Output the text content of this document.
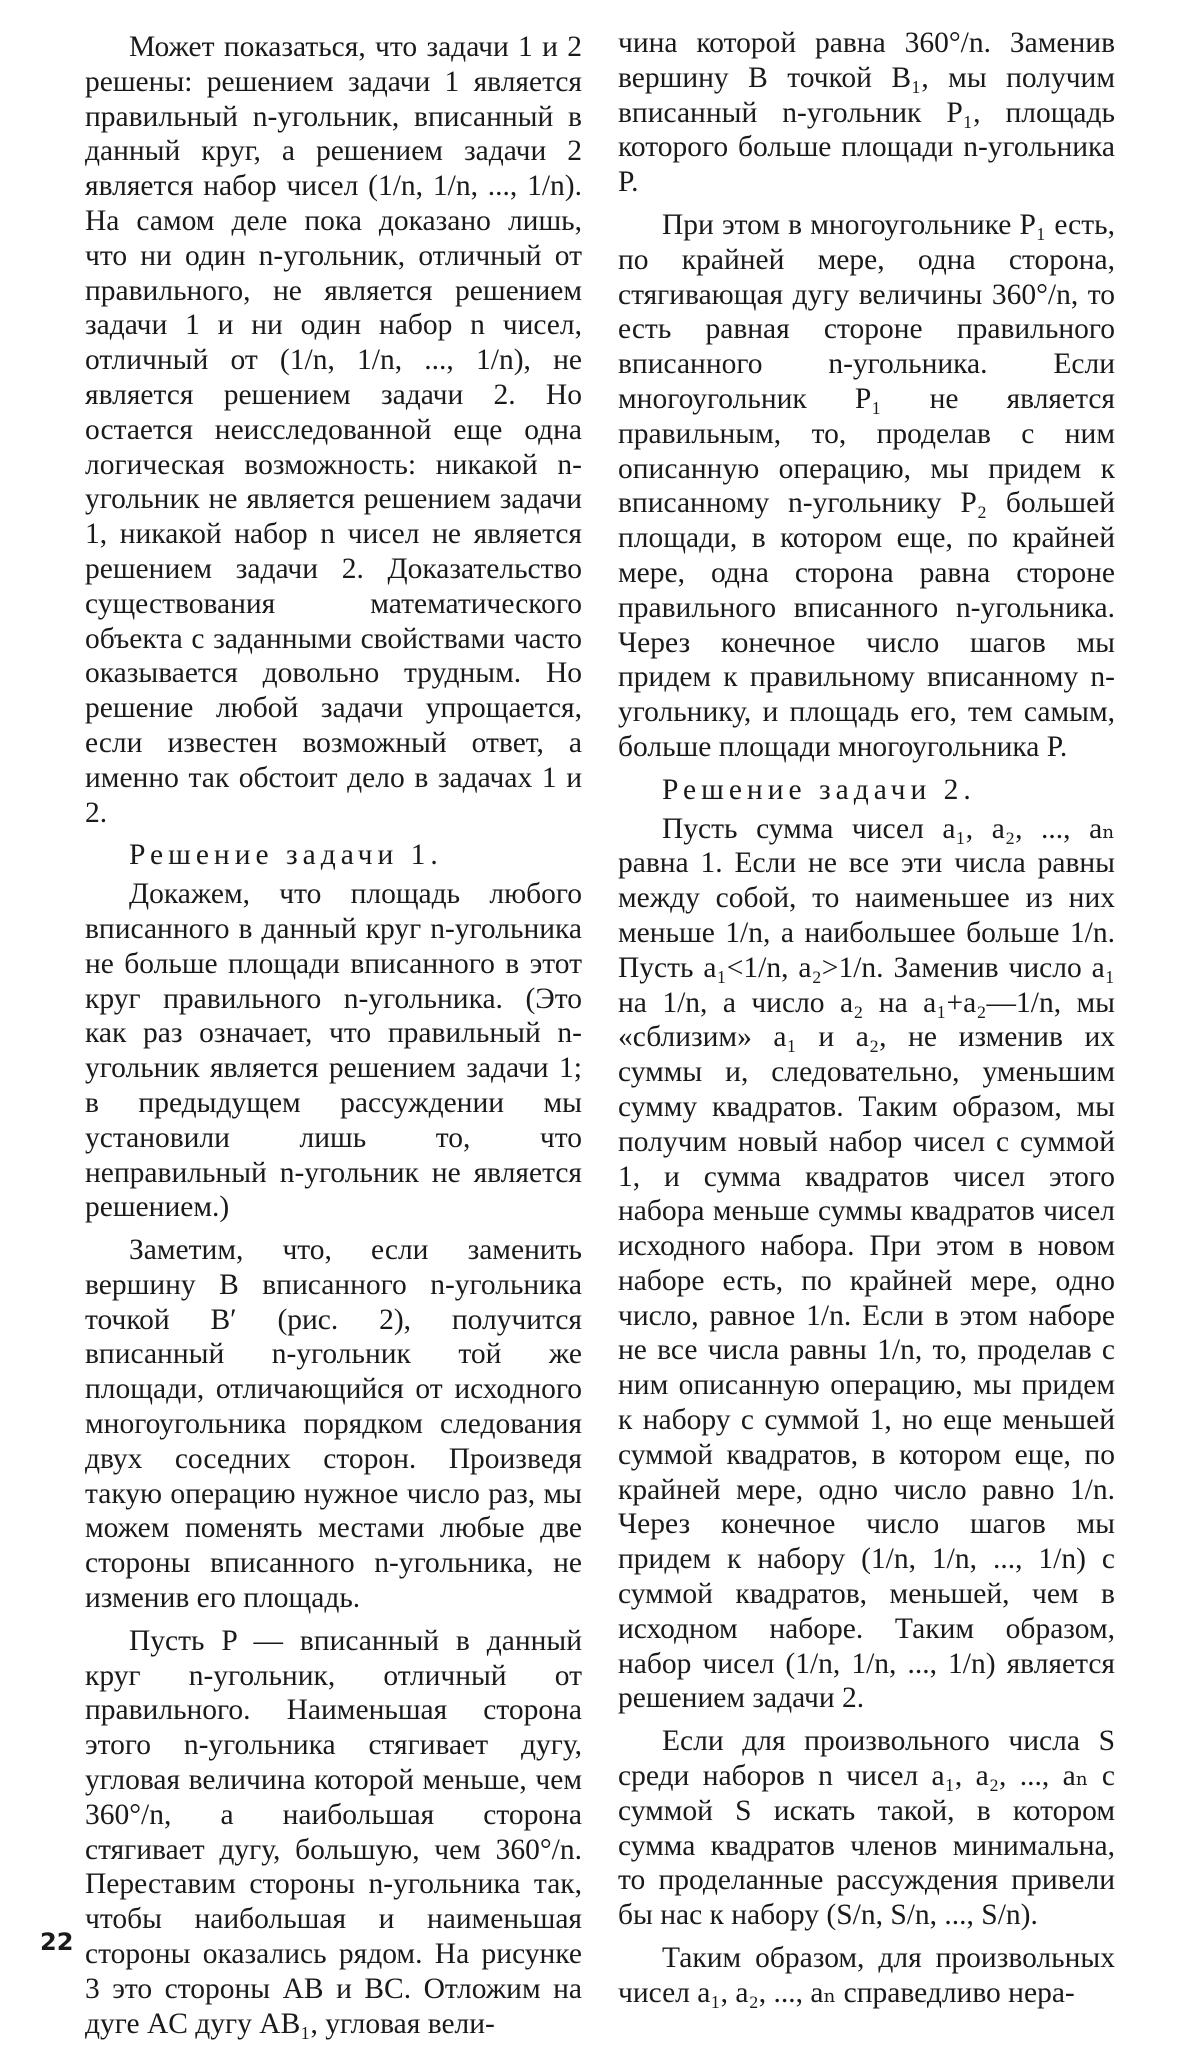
Может показаться, что задачи 1 и 2 решены: решением задачи 1 является правильный n-угольник, вписанный в данный круг, а решением задачи 2 является набор чисел (1/n, 1/n, ..., 1/n). На самом деле пока доказано лишь, что ни один n-угольник, отличный от правильного, не является решением задачи 1 и ни один набор n чисел, отличный от (1/n, 1/n, ..., 1/n), не является решением задачи 2. Но остается неисследованной еще одна логическая возможность: никакой n-угольник не является решением задачи 1, никакой набор n чисел не является решением задачи 2. Доказательство существования математического объекта с заданными свойствами часто оказывается довольно трудным. Но решение любой задачи упрощается, если известен возможный ответ, а именно так обстоит дело в задачах 1 и 2.

Решение задачи 1.

Докажем, что площадь любого вписанного в данный круг n-угольника не больше площади вписанного в этот круг правильного n-угольника. (Это как раз означает, что правильный n-угольник является решением задачи 1; в предыдущем рассуждении мы установили лишь то, что неправильный n-угольник не является решением.)

Заметим, что, если заменить вершину B вписанного n-угольника точкой B′ (рис. 2), получится вписанный n-угольник той же площади, отличающийся от исходного многоугольника порядком следования двух соседних сторон. Произведя такую операцию нужное число раз, мы можем поменять местами любые две стороны вписанного n-угольника, не изменив его площадь.

Пусть P — вписанный в данный круг n-угольник, отличный от правильного. Наименьшая сторона этого n-угольника стягивает дугу, угловая величина которой меньше, чем 360°/n, а наибольшая сторона стягивает дугу, большую, чем 360°/n. Переставим стороны n-угольника так, чтобы наибольшая и наименьшая стороны оказались рядом. На рисунке 3 это стороны AB и BC. Отложим на дуге AC дугу AB₁, угловая вели-

чина которой равна 360°/n. Заменив вершину B точкой B₁, мы получим вписанный n-угольник P₁, площадь которого больше площади n-угольника P.

При этом в многоугольнике P₁ есть, по крайней мере, одна сторона, стягивающая дугу величины 360°/n, то есть равная стороне правильного вписанного n-угольника. Если многоугольник P₁ не является правильным, то, проделав с ним описанную операцию, мы придем к вписанному n-угольнику P₂ большей площади, в котором еще, по крайней мере, одна сторона равна стороне правильного вписанного n-угольника. Через конечное число шагов мы придем к правильному вписанному n-угольнику, и площадь его, тем самым, больше площади многоугольника P.

Решение задачи 2.

Пусть сумма чисел a₁, a₂, ..., aₙ равна 1. Если не все эти числа равны между собой, то наименьшее из них меньше 1/n, а наибольшее больше 1/n. Пусть a₁<1/n, a₂>1/n. Заменив число a₁ на 1/n, а число a₂ на a₁+a₂—1/n, мы «сблизим» a₁ и a₂, не изменив их суммы и, следовательно, уменьшим сумму квадратов. Таким образом, мы получим новый набор чисел с суммой 1, и сумма квадратов чисел этого набора меньше суммы квадратов чисел исходного набора. При этом в новом наборе есть, по крайней мере, одно число, равное 1/n. Если в этом наборе не все числа равны 1/n, то, проделав с ним описанную операцию, мы придем к набору с суммой 1, но еще меньшей суммой квадратов, в котором еще, по крайней мере, одно число равно 1/n. Через конечное число шагов мы придем к набору (1/n, 1/n, ..., 1/n) с суммой квадратов, меньшей, чем в исходном наборе. Таким образом, набор чисел (1/n, 1/n, ..., 1/n) является решением задачи 2.

Если для произвольного числа S среди наборов n чисел a₁, a₂, ..., aₙ с суммой S искать такой, в котором сумма квадратов членов минимальна, то проделанные рассуждения привели бы нас к набору (S/n, S/n, ..., S/n).

Таким образом, для произвольных чисел a₁, a₂, ..., aₙ справедливо нера-

22
